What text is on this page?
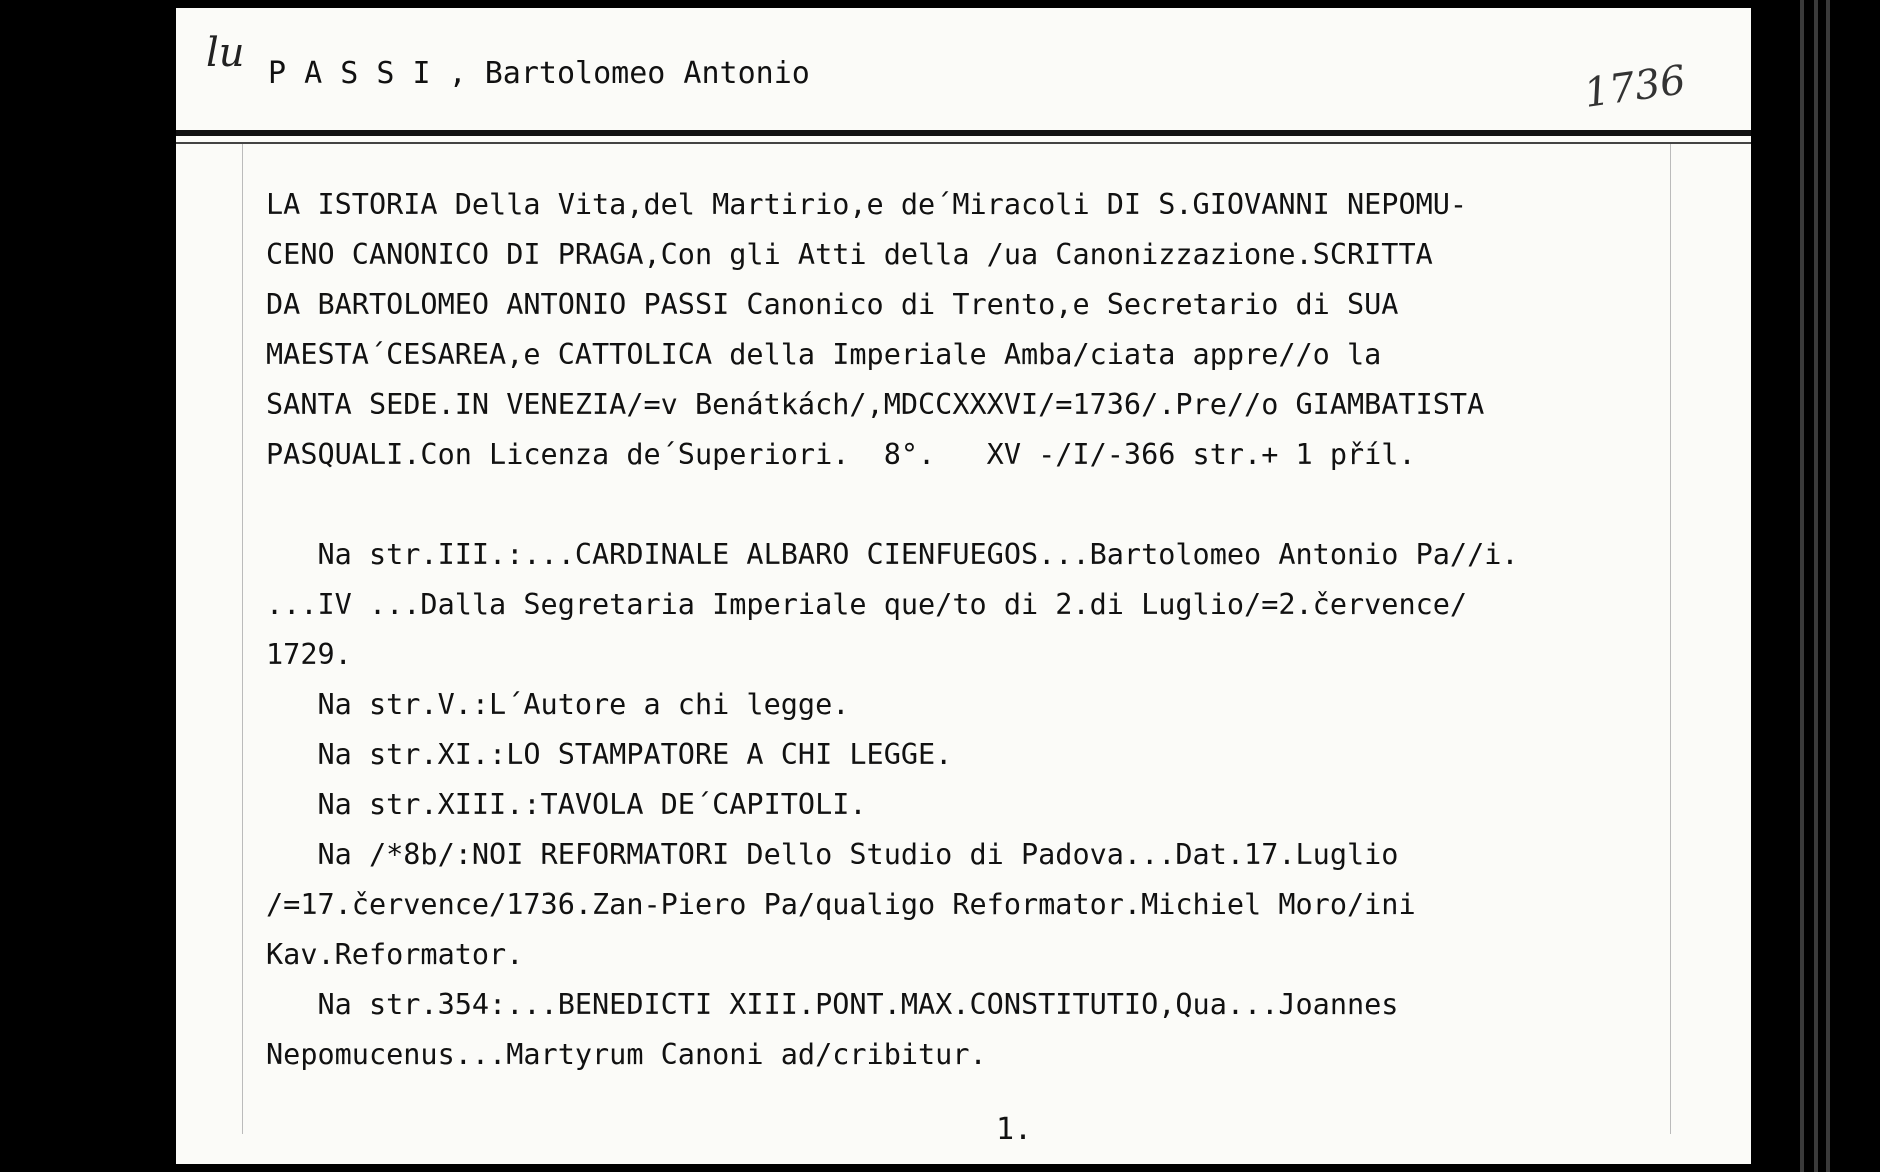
lu P A S S I , Bartolomeo Antonio	1736
LA ISTORIA Della Vita,del Martirio,e de´Miracoli DI S.GIOVANNI NEPOMU-
CENO CANONICO DI PRAGA,Con gli Atti della /ua Canonizzazione.SCRITTA
DA BARTOLOMEO ANTONIO PASSI Canonico di Trento,e Secretario di SUA
MAESTA´CESAREA,e CATTOLICA della Imperiale Amba/ciata appre//o la
SANTA SEDE.IN VENEZIA/=v Benátkách/,MDCCXXXVI/=1736/.Pre//o GIAMBATISTA
PASQUALI.Con Licenza de´Superiori.  8°.   XV -/I/-366 str.+ 1 příl.
Na str.III.:...CARDINALE ALBARO CIENFUEGOS...Bartolomeo Antonio Pa//i.
...IV ...Dalla Segretaria Imperiale que/to di 2.di Luglio/=2.července/
1729.
Na str.V.:L´Autore a chi legge.
Na str.XI.:LO STAMPATORE A CHI LEGGE.
Na str.XIII.:TAVOLA DE´CAPITOLI.
Na /*8b/:NOI REFORMATORI Dello Studio di Padova...Dat.17.Luglio
/=17.července/1736.Zan-Piero Pa/qualigo Reformator.Michiel Moro/ini
Kav.Reformator.
Na str.354:...BENEDICTI XIII.PONT.MAX.CONSTITUTIO,Qua...Joannes
Nepomucenus...Martyrum Canoni ad/cribitur.
1.
